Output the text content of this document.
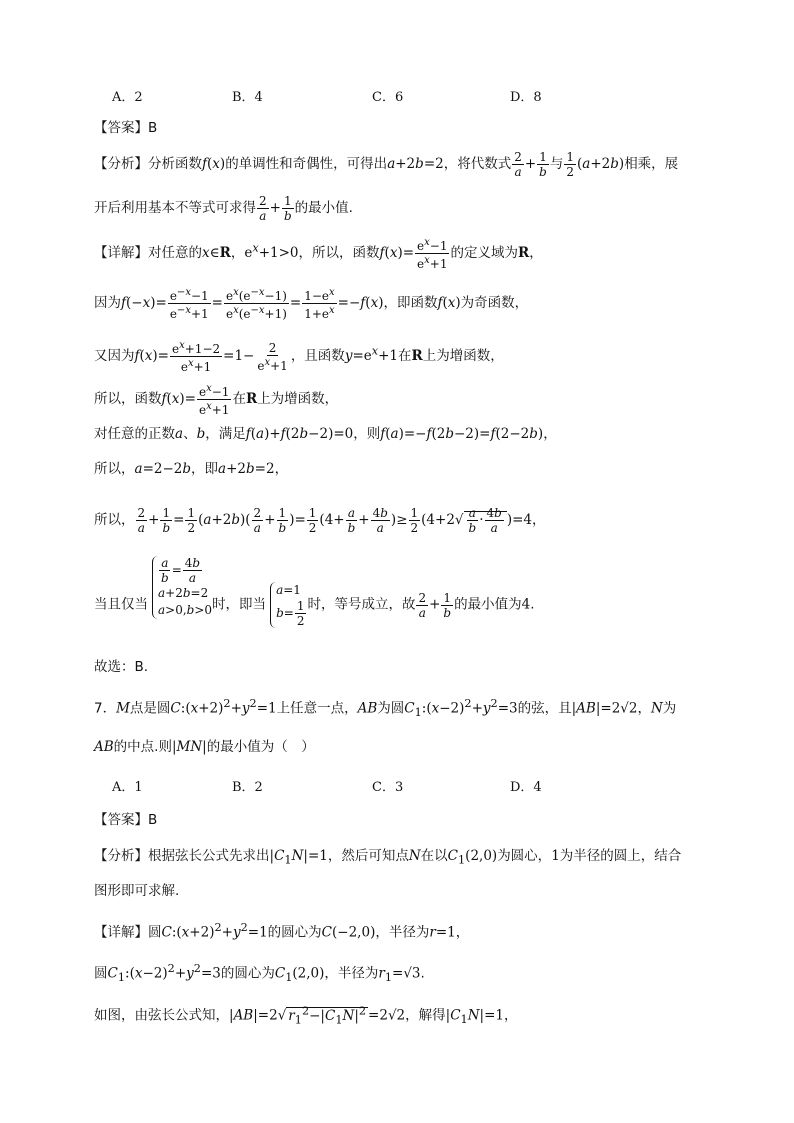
A．2	B．4	C．6	D．8
【答案】B
【分析】分析函数f(x)的单调性和奇偶性，可得出a+2b=2，将代数式 $\frac{2}{a} + \frac{1}{b}$ 与 $\frac{1}{2} (a+2b)$相乘，展
开后利用基本不等式可求得 $\frac{2}{a} + \frac{1}{b}$ 的最小值.
【详解】对任意的x∈R，$e^x+1>0$，所以，函数$f(x)= \frac{e^x-1}{e^x+1}$ 的定义域为R，
因为$f(-x)= \frac{e^{-x}-1}{e^{-x}+1} = \frac{e^x(e^{-x}-1)}{e^x(e^{-x}+1)} = \frac{1-e^x}{1+e^x} =-f(x)$，即函数f(x)为奇函数，
又因为$f(x)= \frac{e^x+1-2}{e^x+1} =1- \frac{2}{e^x+1}$ ，且函数$y=e^x+1$在R上为增函数，
所以，函数$f(x)= \frac{e^x-1}{e^x+1}$ 在R上为增函数，
对任意的正数a、b，满足f(a)+f(2b−2)=0，则f(a)=−f(2b−2)=f(2−2b)，
所以，a=2−2b，即a+2b=2，
所以， $\frac{2}{a} + \frac{1}{b} = \frac{1}{2} (a+2b)( \frac{2}{a} + \frac{1}{b}$ )= $\frac{1}{2} (4+ \frac{a}{b} + \frac{4b}{a}$ )≥ $\frac{1}{2} (4+2√ \frac{a}{b} \cdot \frac{4b}{a} )=4$，
当且仅当
$\frac{a}{b} = \frac{4b}{a}$
a+2b=2
a>0,b>0 时，即当
a=1
$b= \frac{1}{2}$ 时，等号成立，故 $\frac{2}{a} + \frac{1}{b}$ 的最小值为4.
故选：B.
7．M点是圆$C:(x+2)^2+y^2=1$上任意一点，AB为圆$C_1:(x-2)^2+y^2=3$的弦，且|AB|=2√2，N为
AB的中点.则|MN|的最小值为（　）
A．1	B．2	C．3	D．4
【答案】B
【分析】根据弦长公式先求出$|C_1N|=1$，然后可知点N在以$C_1(2,0)$为圆心，1为半径的圆上，结合
图形即可求解.
【详解】圆$C:(x+2)^2+y^2=1$的圆心为C(−2,0)，半径为r=1，
圆$C_1:(x-2)^2+y^2=3$的圆心为$C_1(2,0)$，半径为$r_1=√3$.
如图，由弦长公式知，|AB|=2√ $r_1^2-|C_1N|^2 =2√2$，解得$|C_1N|=1$，
